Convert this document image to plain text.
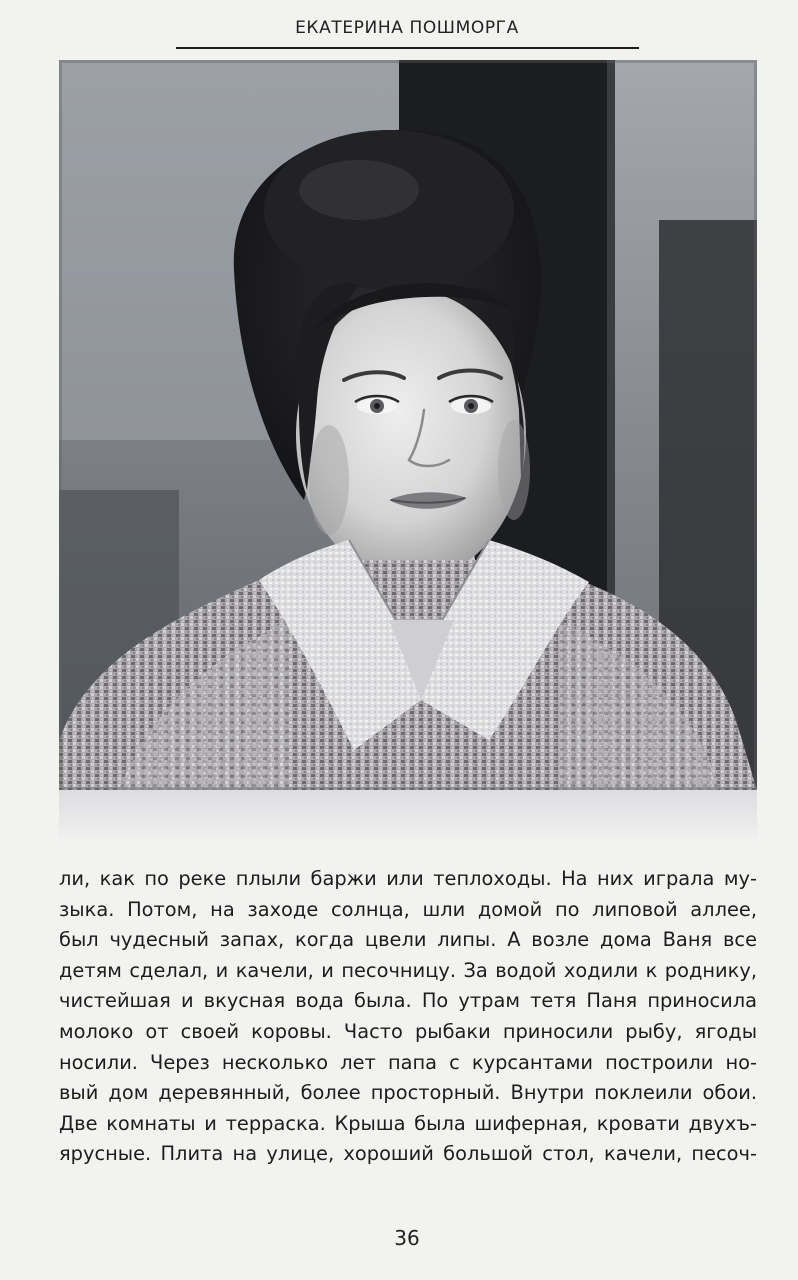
ЕКАТЕРИНА ПОШМОРГА
ли, как по реке плыли баржи или теплоходы. На них играла му-
зыка. Потом, на заходе солнца, шли домой по липовой аллее,
был чудесный запах, когда цвели липы. А возле дома Ваня все
детям сделал, и качели, и песочницу. За водой ходили к роднику,
чистейшая и вкусная вода была. По утрам тетя Паня приносила
молоко от своей коровы. Часто рыбаки приносили рыбу, ягоды
носили. Через несколько лет папа с курсантами построили но-
вый дом деревянный, более просторный. Внутри поклеили обои.
Две комнаты и терраска. Крыша была шиферная, кровати двухъ-
ярусные. Плита на улице, хороший большой стол, качели, песоч-
36
